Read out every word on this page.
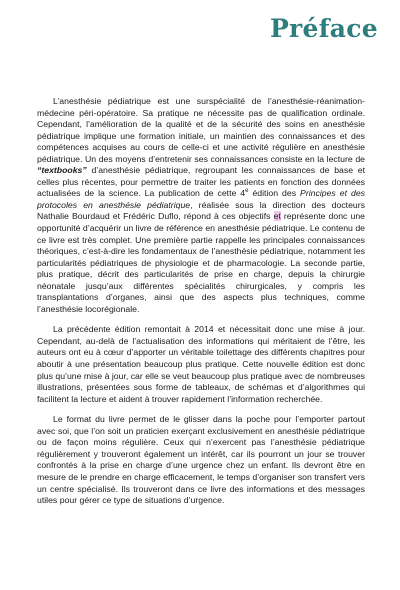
Préface

L’anesthésie pédiatrique est une surspécialité de l’anesthésie-réanimation-médecine péri-opératoire. Sa pratique ne nécessite pas de qualification ordinale. Cependant, l’amélioration de la qualité et de la sécurité des soins en anesthésie pédiatrique implique une formation initiale, un maintien des connaissances et des compétences acquises au cours de celle-ci et une activité régulière en anesthésie pédiatrique. Un des moyens d’entretenir ses connaissances consiste en la lecture de “textbooks” d’anesthésie pédiatrique, regroupant les connaissances de base et celles plus récentes, pour permettre de traiter les patients en fonction des données actualisées de la science. La publication de cette 4e édition des Principes et des protocoles en anesthésie pédiatrique, réalisée sous la direction des docteurs Nathalie Bourdaud et Frédéric Duflo, répond à ces objectifs et représente donc une opportunité d’acquérir un livre de référence en anesthésie pédiatrique. Le contenu de ce livre est très complet. Une première partie rappelle les principales connaissances théoriques, c’est-à-dire les fondamentaux de l’anesthésie pédiatrique, notamment les particularités pédiatriques de physiologie et de pharmacologie. La seconde partie, plus pratique, décrit des particularités de prise en charge, depuis la chirurgie néonatale jusqu’aux différentes spécialités chirurgicales, y compris les transplantations d’organes, ainsi que des aspects plus techniques, comme l’anesthésie locorégionale.

La précédente édition remontait à 2014 et nécessitait donc une mise à jour. Cependant, au-delà de l’actualisation des informations qui méritaient de l’être, les auteurs ont eu à cœur d’apporter un véritable toilettage des différents chapitres pour aboutir à une présentation beaucoup plus pratique. Cette nouvelle édition est donc plus qu’une mise à jour, car elle se veut beaucoup plus pratique avec de nombreuses illustrations, présentées sous forme de tableaux, de schémas et d’algorithmes qui facilitent la lecture et aident à trouver rapidement l’information recherchée.

Le format du livre permet de le glisser dans la poche pour l’emporter partout avec soi, que l’on soit un praticien exerçant exclusivement en anesthésie pédiatrique ou de façon moins régulière. Ceux qui n’exercent pas l’anesthésie pédiatrique régulièrement y trouveront également un intérêt, car ils pourront un jour se trouver confrontés à la prise en charge d’une urgence chez un enfant. Ils devront être en mesure de le prendre en charge efficacement, le temps d’organiser son transfert vers un centre spécialisé. Ils trouveront dans ce livre des informations et des messages utiles pour gérer ce type de situations d’urgence.
